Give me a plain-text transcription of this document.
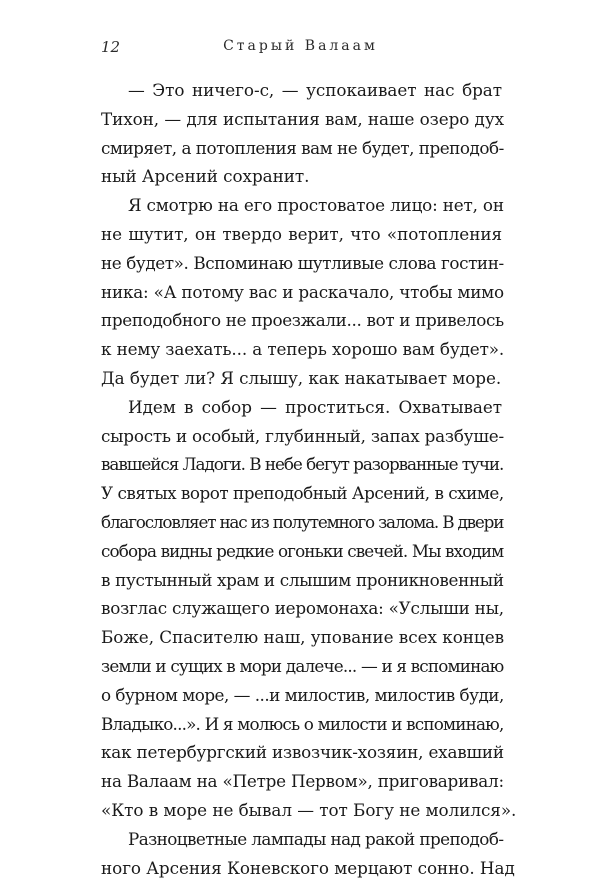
12	Старый Валаам
— Это ничего-с, — успокаивает нас брат
Тихон, — для испытания вам, наше озеро дух
смиряет, а потопления вам не будет, преподоб-
ный Арсений сохранит.
Я смотрю на его простоватое лицо: нет, он
не шутит, он твердо верит, что «потопления
не будет». Вспоминаю шутливые слова гостин-
ника: «А потому вас и раскачало, чтобы мимо
преподобного не проезжали... вот и привелось
к нему заехать... а теперь хорошо вам будет».
Да будет ли? Я слышу, как накатывает море.
Идем в собор — проститься. Охватывает
сырость и особый, глубинный, запах разбуше-
вавшейся Ладоги. В небе бегут разорванные тучи.
У святых ворот преподобный Арсений, в схиме,
благословляет нас из полутемного залома. В двери
собора видны редкие огоньки свечей. Мы входим
в пустынный храм и слышим проникновенный
возглас служащего иеромонаха: «Услыши ны,
Боже, Спасителю наш, упование всех концев
земли и сущих в мори далече... — и я вспоминаю
о бурном море, — ...и милостив, милостив буди,
Владыко...». И я молюсь о милости и вспоминаю,
как петербургский извозчик-хозяин, ехавший
на Валаам на «Петре Первом», приговаривал:
«Кто в море не бывал — тот Богу не молился».
Разноцветные лампады над ракой преподоб-
ного Арсения Коневского мерцают сонно. Над
